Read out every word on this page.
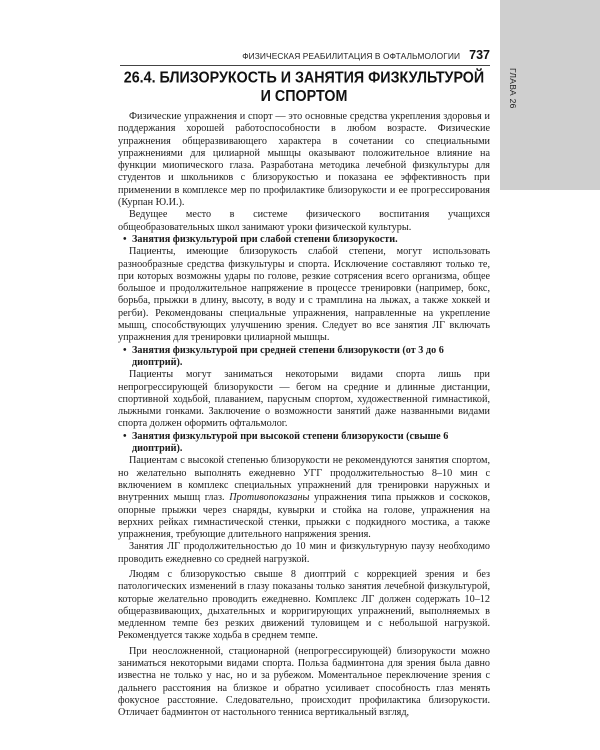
ГЛАВА 26
ФИЗИЧЕСКАЯ РЕАБИЛИТАЦИЯ В ОФТАЛЬМОЛОГИИ 737
26.4. БЛИЗОРУКОСТЬ И ЗАНЯТИЯ ФИЗКУЛЬТУРОЙ
И СПОРТОМ

Физические упражнения и спорт — это основные средства укрепления здоровья и поддержания хорошей работоспособности в любом возрасте. Физические упражнения общеразвивающего характера в сочетании со специальными упражнениями для цилиарной мышцы оказывают положительное влияние на функции миопического глаза. Разработана методика лечебной физкультуры для студентов и школьников с близорукостью и показана ее эффективность при применении в комплексе мер по профилактике близорукости и ее прогрессирования (Курпан Ю.И.).

Ведущее место в системе физического воспитания учащихся общеобразовательных школ занимают уроки физической культуры.

• Занятия физкультурой при слабой степени близорукости.

Пациенты, имеющие близорукость слабой степени, могут использовать разнообразные средства физкультуры и спорта. Исключение составляют только те, при которых возможны удары по голове, резкие сотрясения всего организма, общее большое и продолжительное напряжение в процессе тренировки (например, бокс, борьба, прыжки в длину, высоту, в воду и с трамплина на лыжах, а также хоккей и регби). Рекомендованы специальные упражнения, направленные на укрепление мышц, способствующих улучшению зрения. Следует во все занятия ЛГ включать упражнения для тренировки цилиарной мышцы.

• Занятия физкультурой при средней степени близорукости (от 3 до 6 диоптрий).

Пациенты могут заниматься некоторыми видами спорта лишь при непрогрессирующей близорукости — бегом на средние и длинные дистанции, спортивной ходьбой, плаванием, парусным спортом, художественной гимнастикой, лыжными гонками. Заключение о возможности занятий даже названными видами спорта должен оформить офтальмолог.

• Занятия физкультурой при высокой степени близорукости (свыше 6 диоптрий).

Пациентам с высокой степенью близорукости не рекомендуются занятия спортом, но желательно выполнять ежедневно УГГ продолжительностью 8–10 мин с включением в комплекс специальных упражнений для тренировки наружных и внутренних мышц глаз. Противопоказаны упражнения типа прыжков и соскоков, опорные прыжки через снаряды, кувырки и стойка на голове, упражнения на верхних рейках гимнастической стенки, прыжки с подкидного мостика, а также упражнения, требующие длительного напряжения зрения.

Занятия ЛГ продолжительностью до 10 мин и физкультурную паузу необходимо проводить ежедневно со средней нагрузкой.

Людям с близорукостью свыше 8 диоптрий с коррекцией зрения и без патологических изменений в глазу показаны только занятия лечебной физкультурой, которые желательно проводить ежедневно. Комплекс ЛГ должен содержать 10–12 общеразвивающих, дыхательных и корригирующих упражнений, выполняемых в медленном темпе без резких движений туловищем и с небольшой нагрузкой. Рекомендуется также ходьба в среднем темпе.

При неосложненной, стационарной (непрогрессирующей) близорукости можно заниматься некоторыми видами спорта. Польза бадминтона для зрения была давно известна не только у нас, но и за рубежом. Моментальное переключение зрения с дальнего расстояния на близкое и обратно усиливает способность глаз менять фокусное расстояние. Следовательно, происходит профилактика близорукости. Отличает бадминтон от настольного тенниса вертикальный взгляд,
